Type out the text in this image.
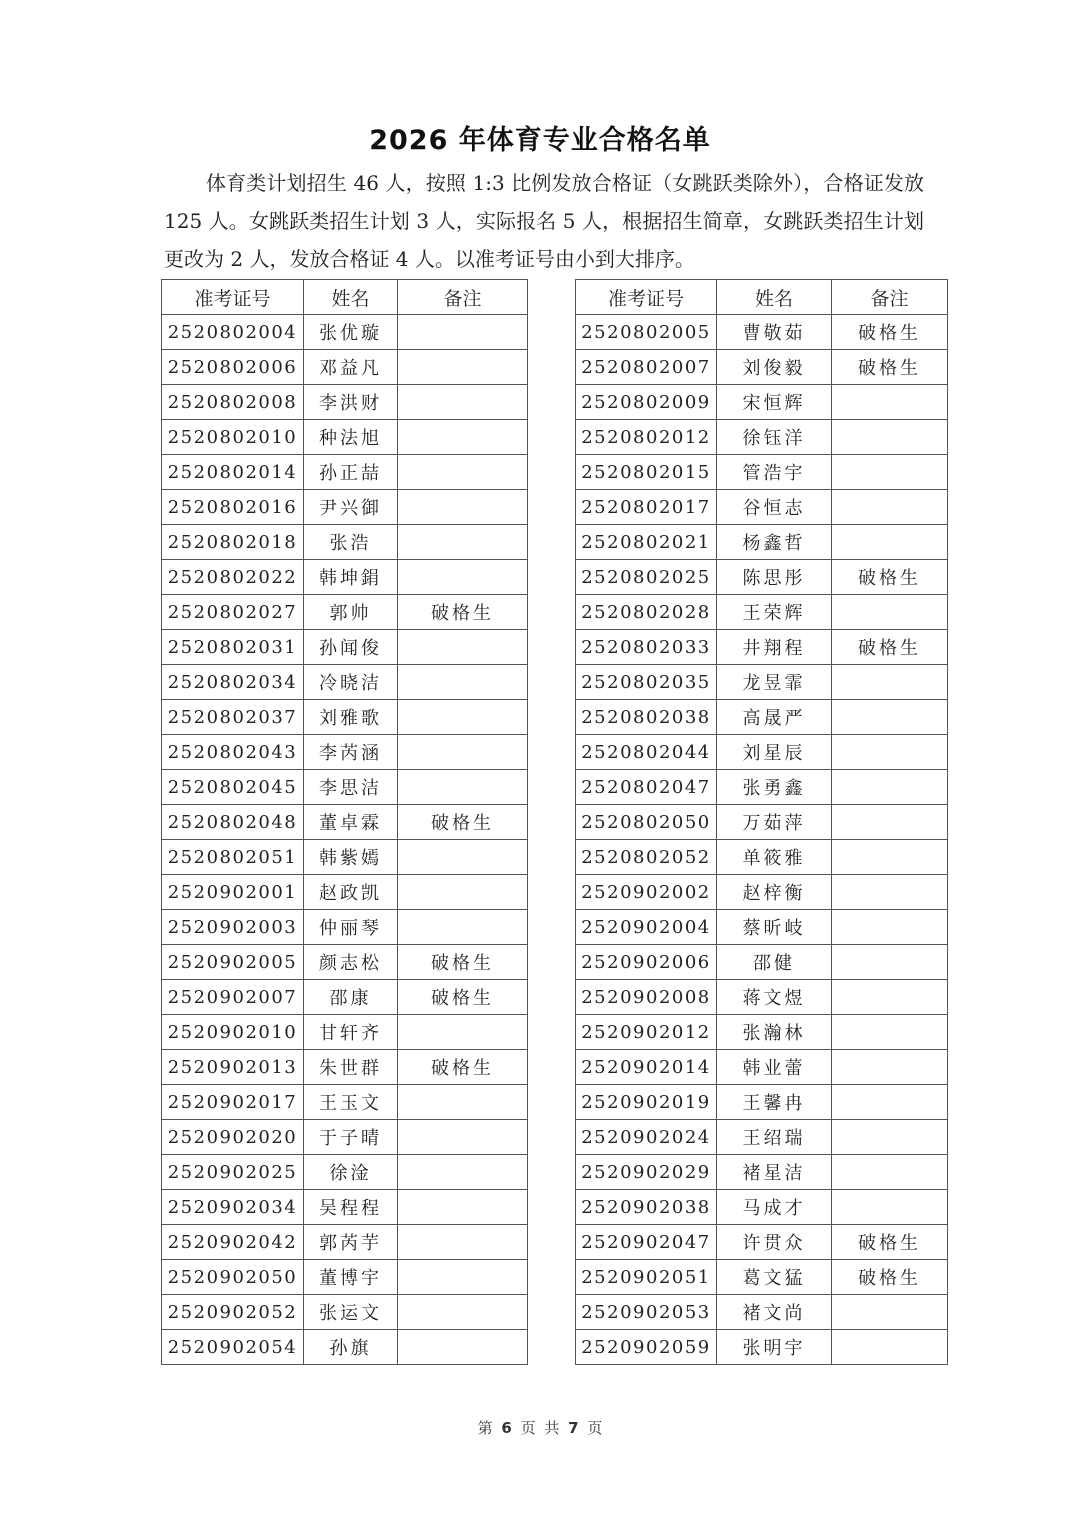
2026 年体育专业合格名单

体育类计划招生 46 人，按照 1:3 比例发放合格证（女跳跃类除外），合格证发放 125 人。女跳跃类招生计划 3 人，实际报名 5 人，根据招生简章，女跳跃类招生计划更改为 2 人，发放合格证 4 人。以准考证号由小到大排序。

准考证号	姓名	备注
2520802004	张优璇	
2520802006	邓益凡	
2520802008	李洪财	
2520802010	种法旭	
2520802014	孙正喆	
2520802016	尹兴御	
2520802018	张浩	
2520802022	韩坤鋗	
2520802027	郭帅	破格生
2520802031	孙闻俊	
2520802034	冷晓洁	
2520802037	刘雅歌	
2520802043	李芮涵	
2520802045	李思洁	
2520802048	董卓霖	破格生
2520802051	韩紫嫣	
2520902001	赵政凯	
2520902003	仲丽琴	
2520902005	颜志松	破格生
2520902007	邵康	破格生
2520902010	甘轩齐	
2520902013	朱世群	破格生
2520902017	王玉文	
2520902020	于子晴	
2520902025	徐淦	
2520902034	吴程程	
2520902042	郭芮芋	
2520902050	董博宇	
2520902052	张运文	
2520902054	孙旗	
准考证号	姓名	备注
2520802005	曹敬茹	破格生
2520802007	刘俊毅	破格生
2520802009	宋恒辉	
2520802012	徐钰洋	
2520802015	管浩宇	
2520802017	谷恒志	
2520802021	杨鑫哲	
2520802025	陈思彤	破格生
2520802028	王荣辉	
2520802033	井翔程	破格生
2520802035	龙昱霏	
2520802038	高晟严	
2520802044	刘星辰	
2520802047	张勇鑫	
2520802050	万茹萍	
2520802052	单筱雅	
2520902002	赵梓衡	
2520902004	蔡昕岐	
2520902006	邵健	
2520902008	蒋文煜	
2520902012	张瀚林	
2520902014	韩业蕾	
2520902019	王馨冉	
2520902024	王绍瑞	
2520902029	褚星洁	
2520902038	马成才	
2520902047	许贯众	破格生
2520902051	葛文猛	破格生
2520902053	褚文尚	
2520902059	张明宇	
第 6 页 共 7 页
